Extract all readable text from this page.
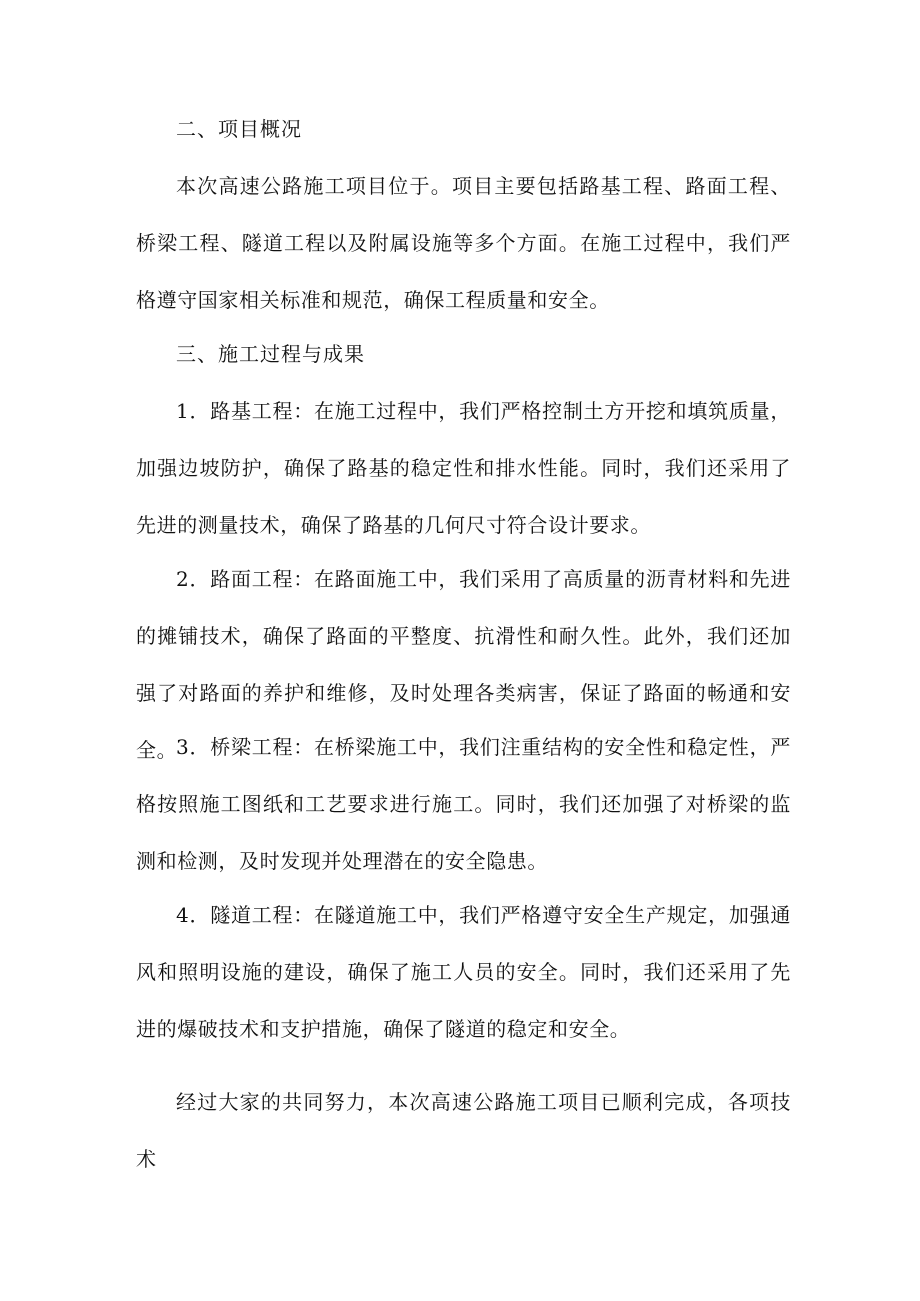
二、项目概况

本次高速公路施工项目位于。项目主要包括路基工程、路面工程、桥梁工程、隧道工程以及附属设施等多个方面。在施工过程中，我们严格遵守国家相关标准和规范，确保工程质量和安全。

三、施工过程与成果

1．路基工程：在施工过程中，我们严格控制土方开挖和填筑质量，加强边坡防护，确保了路基的稳定性和排水性能。同时，我们还采用了先进的测量技术，确保了路基的几何尺寸符合设计要求。

2．路面工程：在路面施工中，我们采用了高质量的沥青材料和先进的摊铺技术，确保了路面的平整度、抗滑性和耐久性。此外，我们还加强了对路面的养护和维修，及时处理各类病害，保证了路面的畅通和安全。

3．桥梁工程：在桥梁施工中，我们注重结构的安全性和稳定性，严格按照施工图纸和工艺要求进行施工。同时，我们还加强了对桥梁的监测和检测，及时发现并处理潜在的安全隐患。

4．隧道工程：在隧道施工中，我们严格遵守安全生产规定，加强通风和照明设施的建设，确保了施工人员的安全。同时，我们还采用了先进的爆破技术和支护措施，确保了隧道的稳定和安全。

经过大家的共同努力，本次高速公路施工项目已顺利完成，各项技术
